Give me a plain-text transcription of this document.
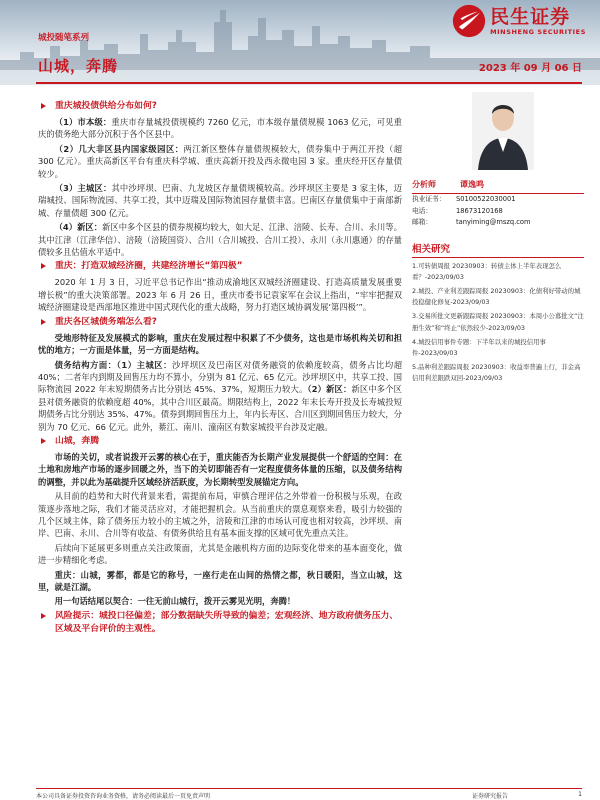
民生证券
MINSHENG SECURITIES
城投随笔系列
山城，奔腾	2023 年 09 月 06 日
重庆城投债供给分布如何?
（1）市本级：重庆市存量城投债规模约 7260 亿元，市本级存量债规模 1063 亿元，可见重庆的债务绝大部分沉积于各个区县中。
（2）几大非区县内国家级园区：两江新区整体存量债规模较大，债券集中于两江开投（超 300 亿元）。重庆高新区平台有重庆科学城、重庆高新开投及西永微电园 3 家。重庆经开区存量债较少。
（3）主城区：其中沙坪坝、巴南、九龙坡区存量债规模较高。沙坪坝区主要是 3 家主体，迈瑞城投、国际物流园、共享工投，其中迈瑞及国际物流园存量债丰富。巴南区存量债集中于南部新城、存量债超 300 亿元。
（4）新区：新区中多个区县的债券规模均较大，如大足、江津、涪陵、长寿、合川、永川等。其中江津（江津华信）、涪陵（涪陵国资）、合川（合川城投、合川工投）、永川（永川惠通）的存量债较多且估值水平适中。
重庆：打造双城经济圈，共建经济增长“第四极”
2020 年 1 月 3 日，习近平总书记作出“推动成渝地区双城经济圈建设、打造高质量发展重要增长极”的重大决策部署。2023 年 6 月 26 日，重庆市委书记袁家军在会议上指出，“牢牢把握双城经济圈建设是西部地区推进中国式现代化的重大战略，努力打造区域协调发展‘第四极’”。
重庆各区城债务端怎么看?
受地形特征及发展模式的影响，重庆在发展过程中积累了不少债务，这也是市场机构关切和担忧的地方；一方面是体量，另一方面是结构。
债务结构方面：（1）主城区：沙坪坝区及巴南区对债务融资的依赖度较高，债务占比均超 40%；二者年内到期及回售压力均不算小，分别为 81 亿元、65 亿元。沙坪坝区中，共享工投、国际物流园 2022 年末短期债务占比分别达 45%、37%，短期压力较大。（2）新区：新区中多个区县对债务融资的依赖度超 40%，其中合川区最高。期限结构上，2022 年末长寿开投及长寿城投短期债务占比分别达 35%、47%。债券到期回售压力上，年内长寿区、合川区到期回售压力较大，分别为 70 亿元、66 亿元。此外，綦江、南川、潼南区有数家城投平台涉及定融。
山城，奔腾
市场的关切，或者说拨开云雾的核心在于，重庆能否为长期产业发展提供一个舒适的空间：在土地和房地产市场的逐步回暖之外，当下的关切即能否有一定程度债务体量的压缩，以及债务结构的调整，并以此为基础提升区域经济活跃度，为长期转型发展锚定方向。
从目前的趋势和大时代背景来看，需提前布局，审慎合理评估之外带着一份积极与乐观，在政策逐步落地之际，我们才能灵活应对，才能把握机会。从当前重庆的票息观察来看，吸引力较强的几个区域主体，除了债务压力较小的主城之外，涪陵和江津的市场认可度也相对较高，沙坪坝、南岸、巴南、永川、合川等有收益、有债务供给且有基本面支撑的区域可优先重点关注。
后续向下延展更多则重点关注政策面，尤其是金融机构方面的边际变化带来的基本面变化，做进一步精细化考虑。
重庆：山城，雾都，都是它的称号，一座行走在山间的热情之都，秋日暖阳，当立山城，这里，就是江湖。
用一句话结尾以契合：一往无前山城行，拨开云雾见光明，奔腾！
风险提示：城投口径偏差；部分数据缺失所导致的偏差；宏观经济、地方政府债务压力、区域及平台评价的主观性。
分析师	谭逸鸣
执业证书：	S0100522030001
电话：	18673120168
邮箱：	tanyiming@mszq.com
相关研究
1.可转债周报 20230903：转债主体上半年表现怎么看？-2023/09/03
2.城投、产业利差跟踪周报 20230903：化债利好带动的城投稳健化修复-2023/09/03
3.交易所批文更新跟踪周报 20230903：本周小公募批文“注册生效”和“终止”依然较少-2023/09/03
4.城投信用事件专题：下半年以来的城投信用事件-2023/09/03
5.品种利差跟踪周报 20230903：收益率普遍上行，非金高信用利差跟跌双回-2023/09/03
本公司具备证券投资咨询业务资格，请务必阅读最后一页免责声明	证券研究报告	1
